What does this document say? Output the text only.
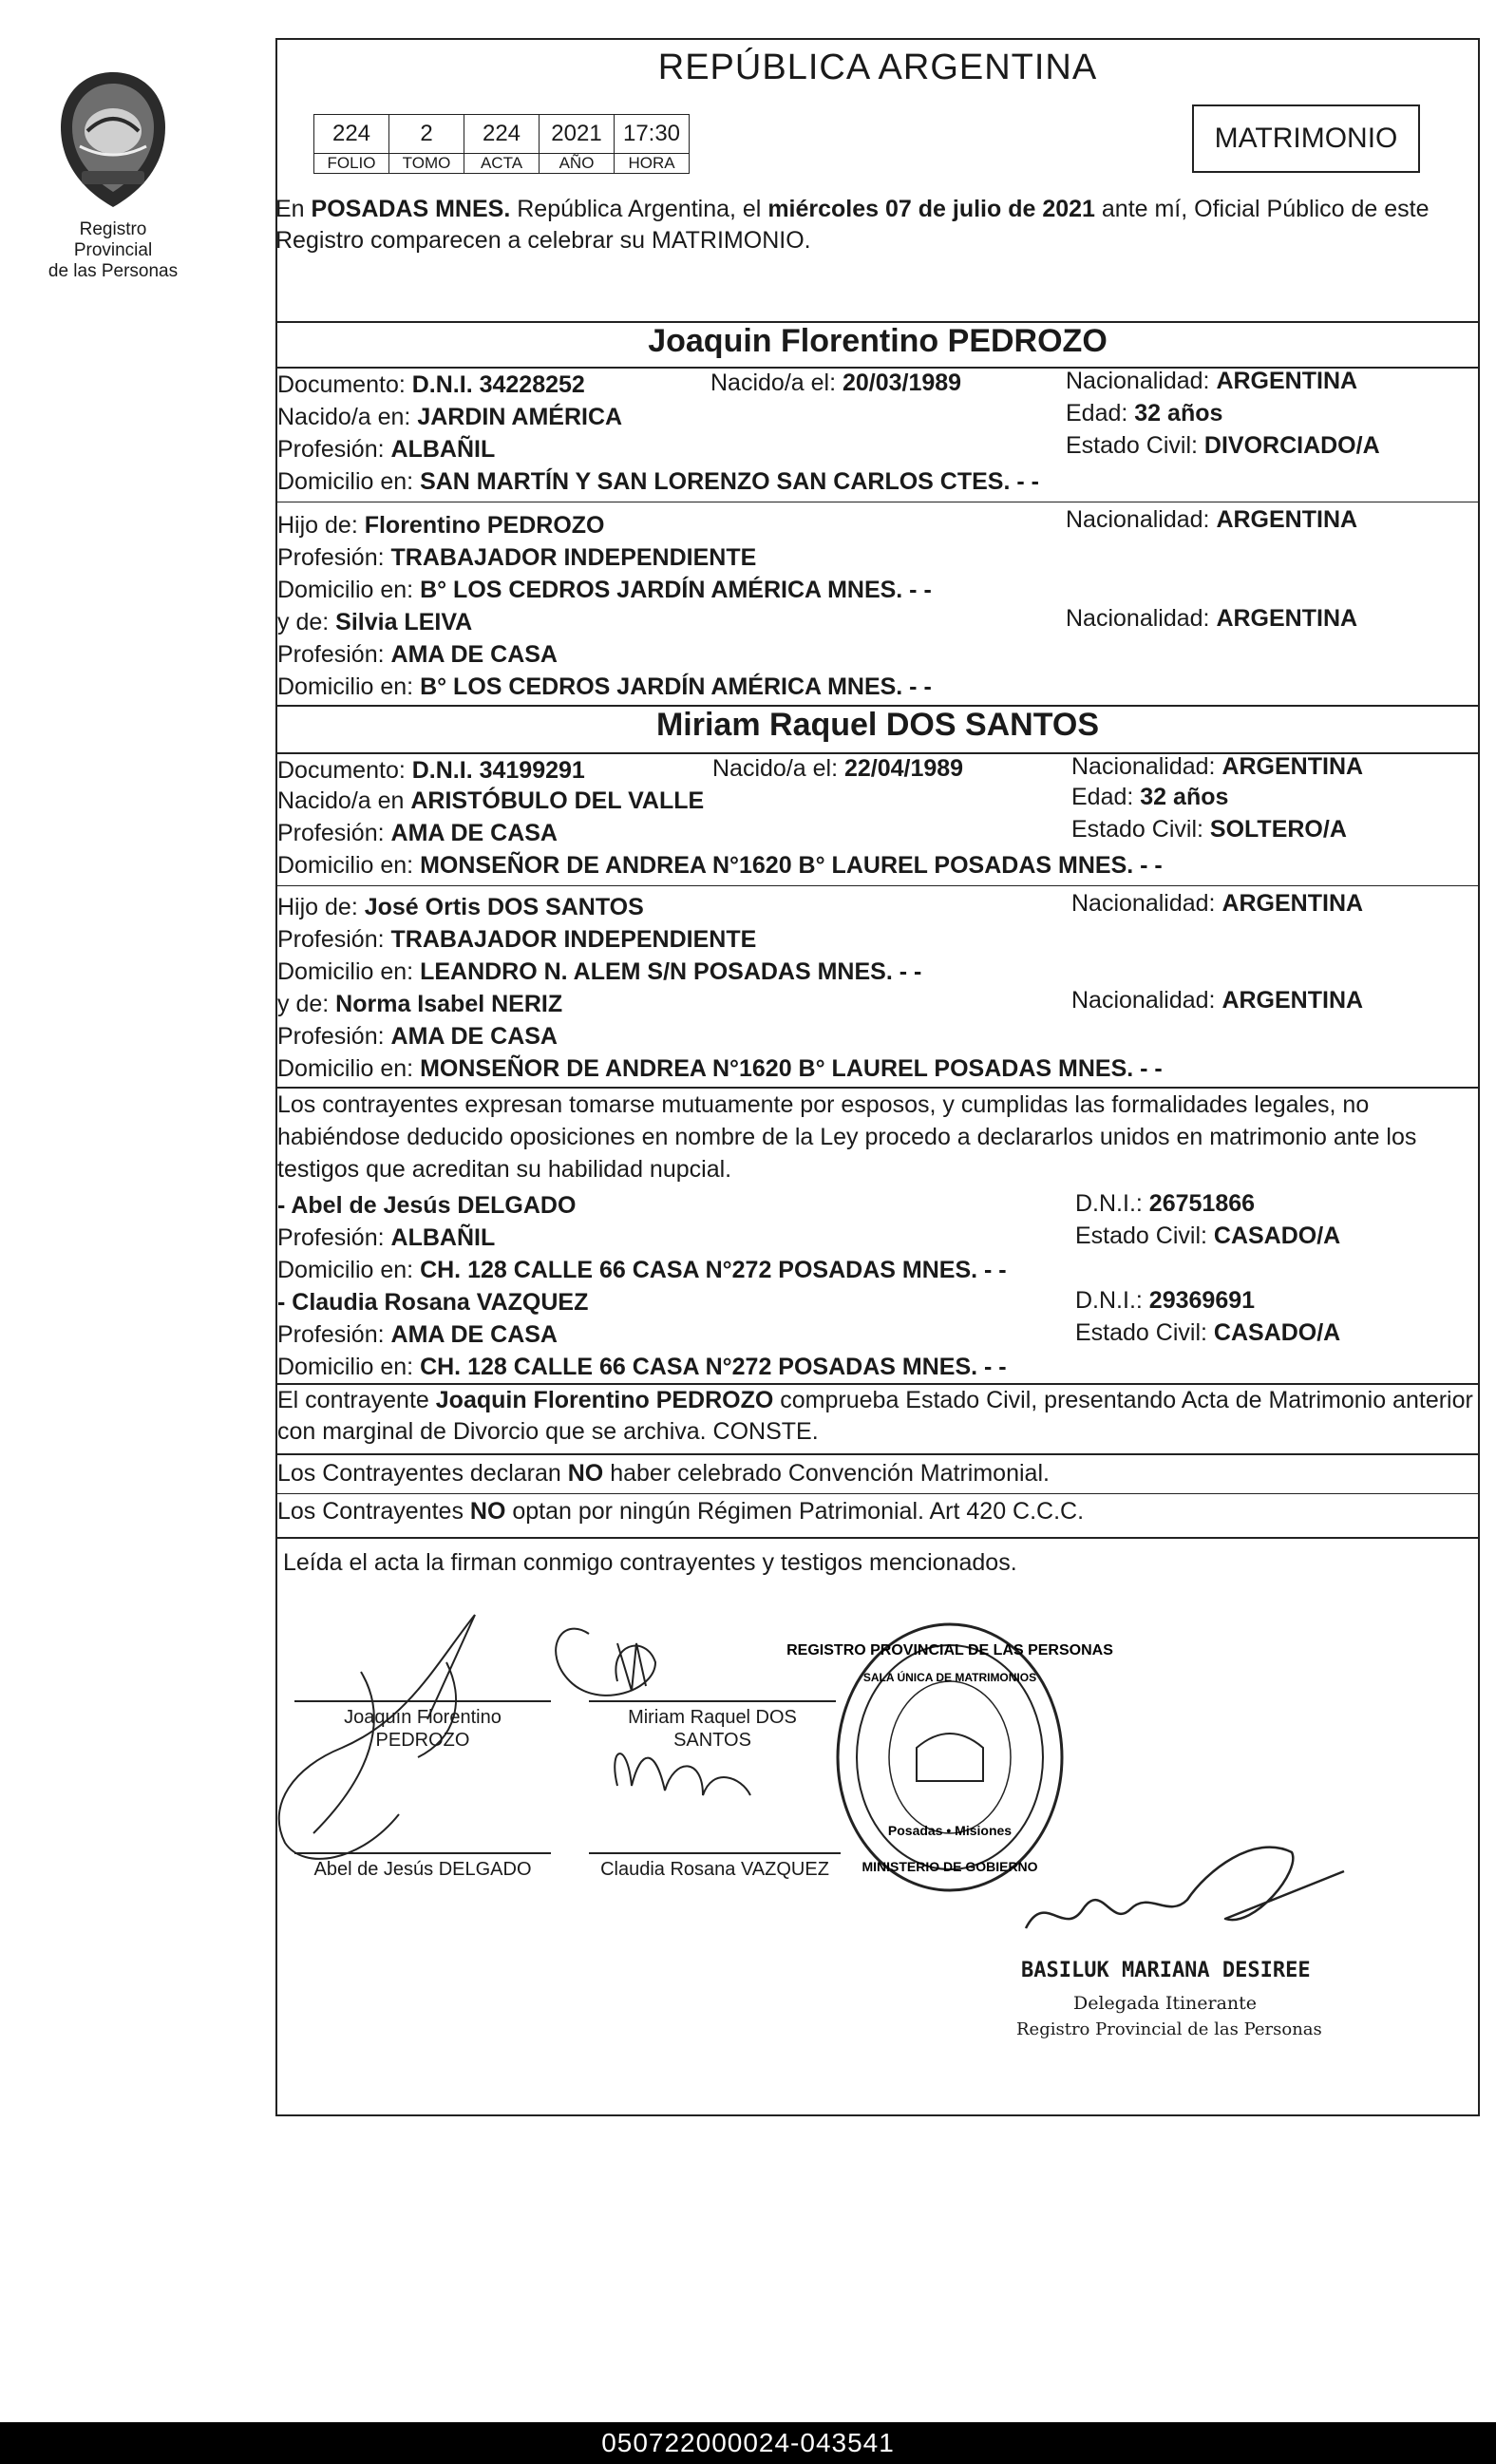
Registro Provincial
de las Personas
REPÚBLICA ARGENTINA
224	2	224	2021	17:30
FOLIO	TOMO	ACTA	AÑO	HORA
MATRIMONIO
En POSADAS MNES. República Argentina, el miércoles 07 de julio de 2021 ante mí, Oficial Público de este Registro comparecen a celebrar su MATRIMONIO.
Joaquin Florentino PEDROZO
Documento: D.N.I. 34228252	Nacido/a el: 20/03/1989	Nacionalidad: ARGENTINA
Nacido/a en: JARDIN AMÉRICA	Edad: 32 años
Profesión: ALBAÑIL	Estado Civil: DIVORCIADO/A
Domicilio en: SAN MARTÍN Y SAN LORENZO SAN CARLOS CTES. - -
Hijo de: Florentino PEDROZO	Nacionalidad: ARGENTINA
Profesión: TRABAJADOR INDEPENDIENTE
Domicilio en: B° LOS CEDROS JARDÍN AMÉRICA MNES. - -
y de: Silvia LEIVA	Nacionalidad: ARGENTINA
Profesión: AMA DE CASA
Domicilio en: B° LOS CEDROS JARDÍN AMÉRICA MNES. - -
Miriam Raquel DOS SANTOS
Documento: D.N.I. 34199291	Nacido/a el: 22/04/1989	Nacionalidad: ARGENTINA
Nacido/a en ARISTÓBULO DEL VALLE	Edad: 32 años
Profesión: AMA DE CASA	Estado Civil: SOLTERO/A
Domicilio en: MONSEÑOR DE ANDREA N°1620 B° LAUREL POSADAS MNES. - -
Hijo de: José Ortis DOS SANTOS	Nacionalidad: ARGENTINA
Profesión: TRABAJADOR INDEPENDIENTE
Domicilio en: LEANDRO N. ALEM S/N POSADAS MNES. - -
y de: Norma Isabel NERIZ	Nacionalidad: ARGENTINA
Profesión: AMA DE CASA
Domicilio en: MONSEÑOR DE ANDREA N°1620 B° LAUREL POSADAS MNES. - -
Los contrayentes expresan tomarse mutuamente por esposos, y cumplidas las formalidades legales, no habiéndose deducido oposiciones en nombre de la Ley procedo a declararlos unidos en matrimonio ante los testigos que acreditan su habilidad nupcial.
- Abel de Jesús DELGADO	D.N.I.: 26751866
Profesión: ALBAÑIL	Estado Civil: CASADO/A
Domicilio en: CH. 128 CALLE 66 CASA N°272 POSADAS MNES. - -
- Claudia Rosana VAZQUEZ	D.N.I.: 29369691
Profesión: AMA DE CASA	Estado Civil: CASADO/A
Domicilio en: CH. 128 CALLE 66 CASA N°272 POSADAS MNES. - -
El contrayente Joaquin Florentino PEDROZO comprueba Estado Civil, presentando Acta de Matrimonio anterior con marginal de Divorcio que se archiva. CONSTE.
Los Contrayentes declaran NO haber celebrado Convención Matrimonial.
Los Contrayentes NO optan por ningún Régimen Patrimonial. Art 420 C.C.C.
Leída el acta la firman conmigo contrayentes y testigos mencionados.
Joaquín Florentino
PEDROZO
Miriam Raquel DOS
SANTOS
Abel de Jesús DELGADO	Claudia Rosana VAZQUEZ
REGISTRO PROVINCIAL DE LAS PERSONAS
SALA ÚNICA DE MATRIMONIOS
Posadas • Misiones
MINISTERIO DE GOBIERNO
BASILUK MARIANA DESIREE
Delegada Itinerante
Registro Provincial de las Personas
050722000024-043541
